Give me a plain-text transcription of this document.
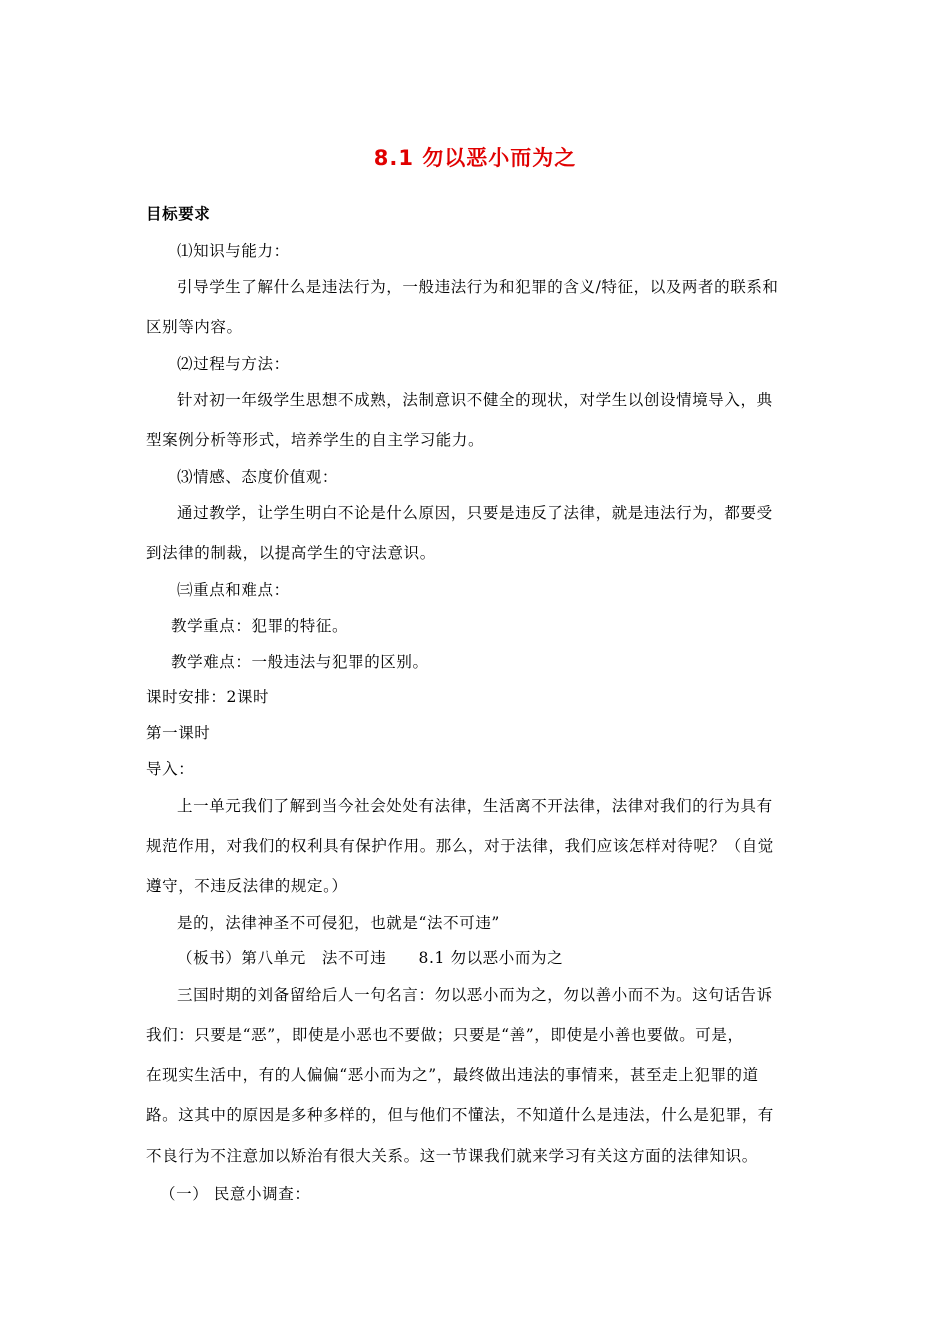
8.1 勿以恶小而为之
目标要求
⑴知识与能力：
引导学生了解什么是违法行为，一般违法行为和犯罪的含义/特征，以及两者的联系和
区别等内容。
⑵过程与方法：
针对初一年级学生思想不成熟，法制意识不健全的现状，对学生以创设情境导入，典
型案例分析等形式，培养学生的自主学习能力。
⑶情感、态度价值观：
通过教学，让学生明白不论是什么原因，只要是违反了法律，就是违法行为，都要受
到法律的制裁，以提高学生的守法意识。
㈢重点和难点：
教学重点：犯罪的特征。
教学难点：一般违法与犯罪的区别。
课时安排：2课时
第一课时
导入：
上一单元我们了解到当今社会处处有法律，生活离不开法律，法律对我们的行为具有
规范作用，对我们的权利具有保护作用。那么，对于法律，我们应该怎样对待呢？（自觉
遵守，不违反法律的规定。）
是的，法律神圣不可侵犯，也就是“法不可违”
（板书）第八单元　法不可违　　8.1 勿以恶小而为之
三国时期的刘备留给后人一句名言：勿以恶小而为之，勿以善小而不为。这句话告诉
我们：只要是“恶”，即使是小恶也不要做；只要是“善”，即使是小善也要做。可是，
在现实生活中，有的人偏偏“恶小而为之”，最终做出违法的事情来，甚至走上犯罪的道
路。这其中的原因是多种多样的，但与他们不懂法，不知道什么是违法，什么是犯罪，有
不良行为不注意加以矫治有很大关系。这一节课我们就来学习有关这方面的法律知识。
（一） 民意小调查：
